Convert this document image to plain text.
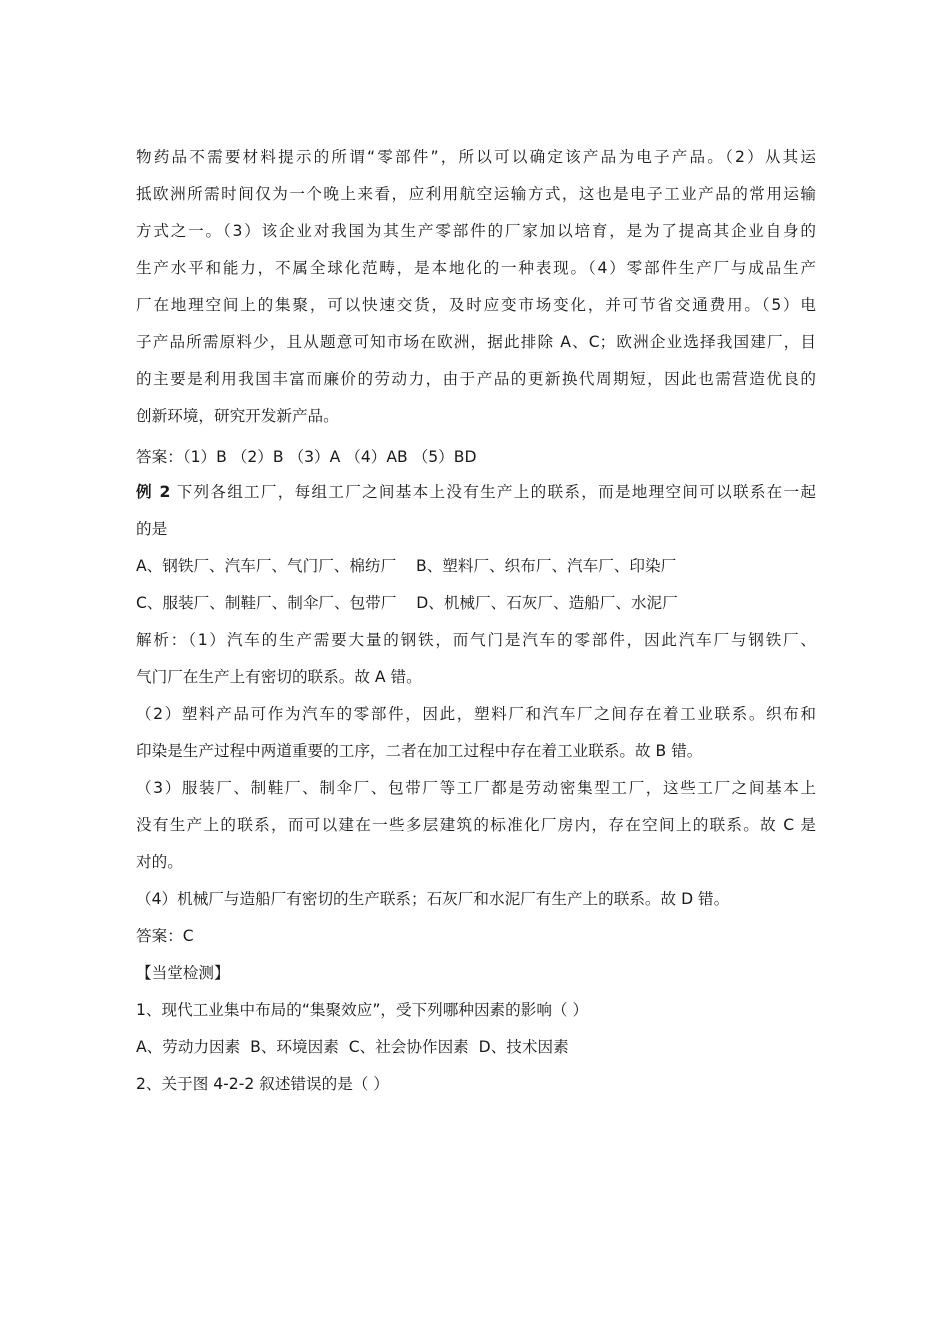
物药品不需要材料提示的所谓“零部件”，所以可以确定该产品为电子产品。（2）从其运
抵欧洲所需时间仅为一个晚上来看，应利用航空运输方式，这也是电子工业产品的常用运输
方式之一。（3）该企业对我国为其生产零部件的厂家加以培育，是为了提高其企业自身的
生产水平和能力，不属全球化范畴，是本地化的一种表现。（4）零部件生产厂与成品生产
厂在地理空间上的集聚，可以快速交货，及时应变市场变化，并可节省交通费用。（5）电
子产品所需原料少，且从题意可知市场在欧洲，据此排除 A、C；欧洲企业选择我国建厂，目
的主要是利用我国丰富而廉价的劳动力，由于产品的更新换代周期短，因此也需营造优良的
创新环境，研究开发新产品。
答案：（1）B （2）B （3）A （4）AB （5）BD
例 2 下列各组工厂，每组工厂之间基本上没有生产上的联系，而是地理空间可以联系在一起
的是
A、钢铁厂、汽车厂、气门厂、棉纺厂    B、塑料厂、织布厂、汽车厂、印染厂
C、服装厂、制鞋厂、制伞厂、包带厂    D、机械厂、石灰厂、造船厂、水泥厂
解析：（1）汽车的生产需要大量的钢铁，而气门是汽车的零部件，因此汽车厂与钢铁厂、
气门厂在生产上有密切的联系。故 A 错。
（2）塑料产品可作为汽车的零部件，因此，塑料厂和汽车厂之间存在着工业联系。织布和
印染是生产过程中两道重要的工序，二者在加工过程中存在着工业联系。故 B 错。
（3）服装厂、制鞋厂、制伞厂、包带厂等工厂都是劳动密集型工厂，这些工厂之间基本上
没有生产上的联系，而可以建在一些多层建筑的标准化厂房内，存在空间上的联系。故 C 是
对的。
（4）机械厂与造船厂有密切的生产联系；石灰厂和水泥厂有生产上的联系。故 D 错。
答案：C
【当堂检测】
1、现代工业集中布局的“集聚效应”，受下列哪种因素的影响（ ）
A、劳动力因素  B、环境因素  C、社会协作因素  D、技术因素
2、关于图 4-2-2 叙述错误的是（ ）
